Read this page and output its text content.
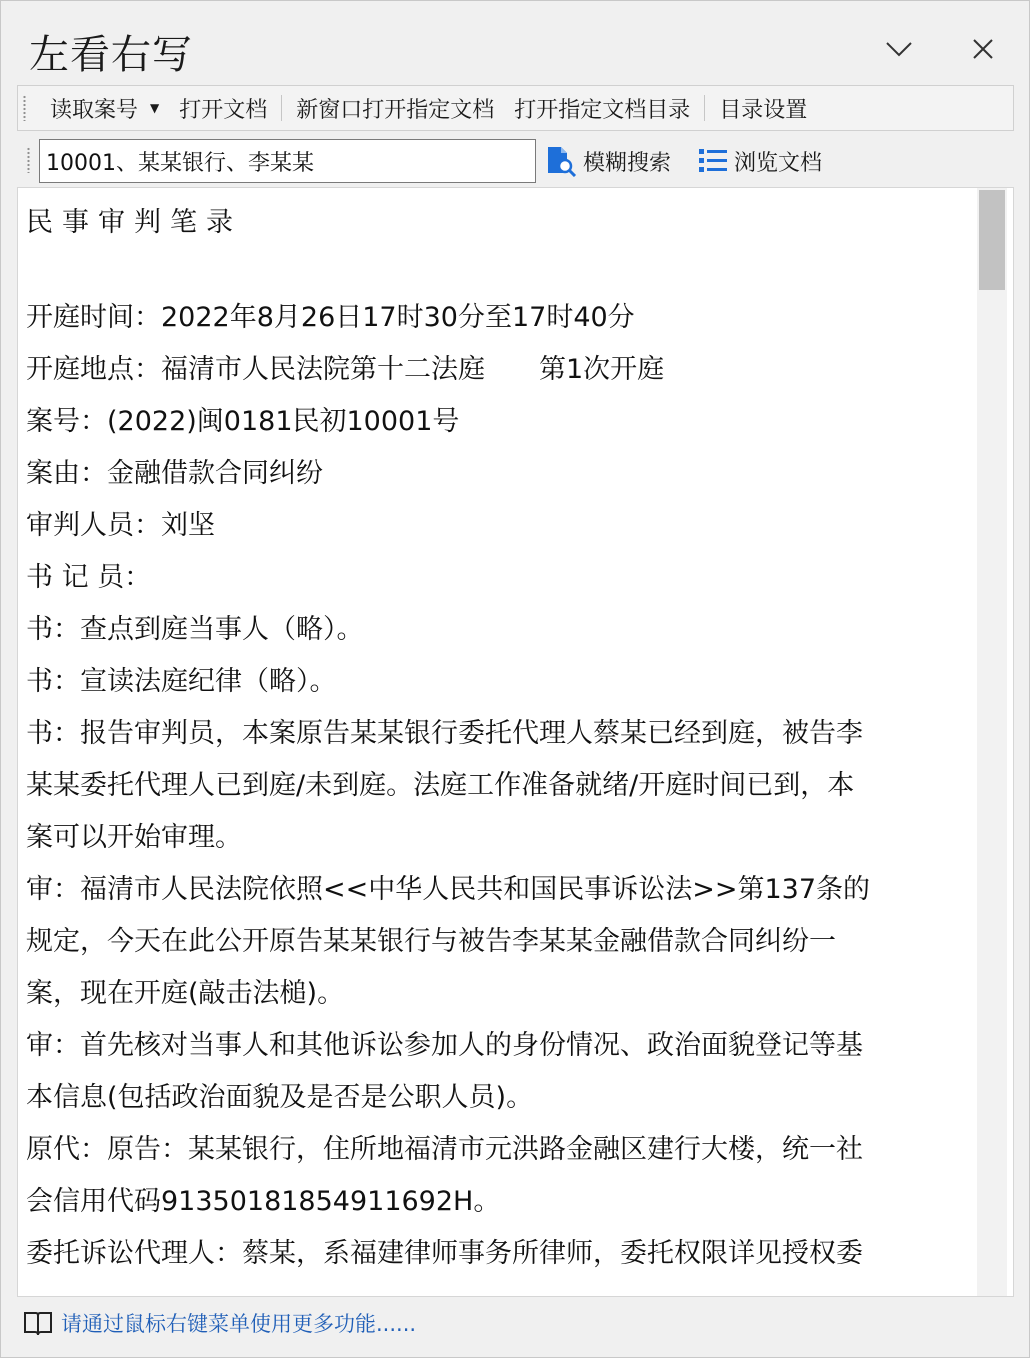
左看右写
读取案号 ▼ 打开文档	新窗口打开指定文档 打开指定文档目录	目录设置
10001、某某银行、李某某
模糊搜索	浏览文档
民事审判笔录
开庭时间：2022年8月26日17时30分至17时40分
开庭地点：福清市人民法院第十二法庭　　第1次开庭
案号：(2022)闽0181民初10001号
案由：金融借款合同纠纷
审判人员：刘坚
书 记 员：
书：查点到庭当事人（略）。
书：宣读法庭纪律（略）。
书：报告审判员，本案原告某某银行委托代理人蔡某已经到庭，被告李
某某委托代理人已到庭/未到庭。法庭工作准备就绪/开庭时间已到，本
案可以开始审理。
审：福清市人民法院依照<<中华人民共和国民事诉讼法>>第137条的
规定，今天在此公开原告某某银行与被告李某某金融借款合同纠纷一
案，现在开庭(敲击法槌)。
审：首先核对当事人和其他诉讼参加人的身份情况、政治面貌登记等基
本信息(包括政治面貌及是否是公职人员)。
原代：原告：某某银行，住所地福清市元洪路金融区建行大楼，统一社
会信用代码91350181854911692H。
委托诉讼代理人：蔡某，系福建律师事务所律师，委托权限详见授权委
请通过鼠标右键菜单使用更多功能......
